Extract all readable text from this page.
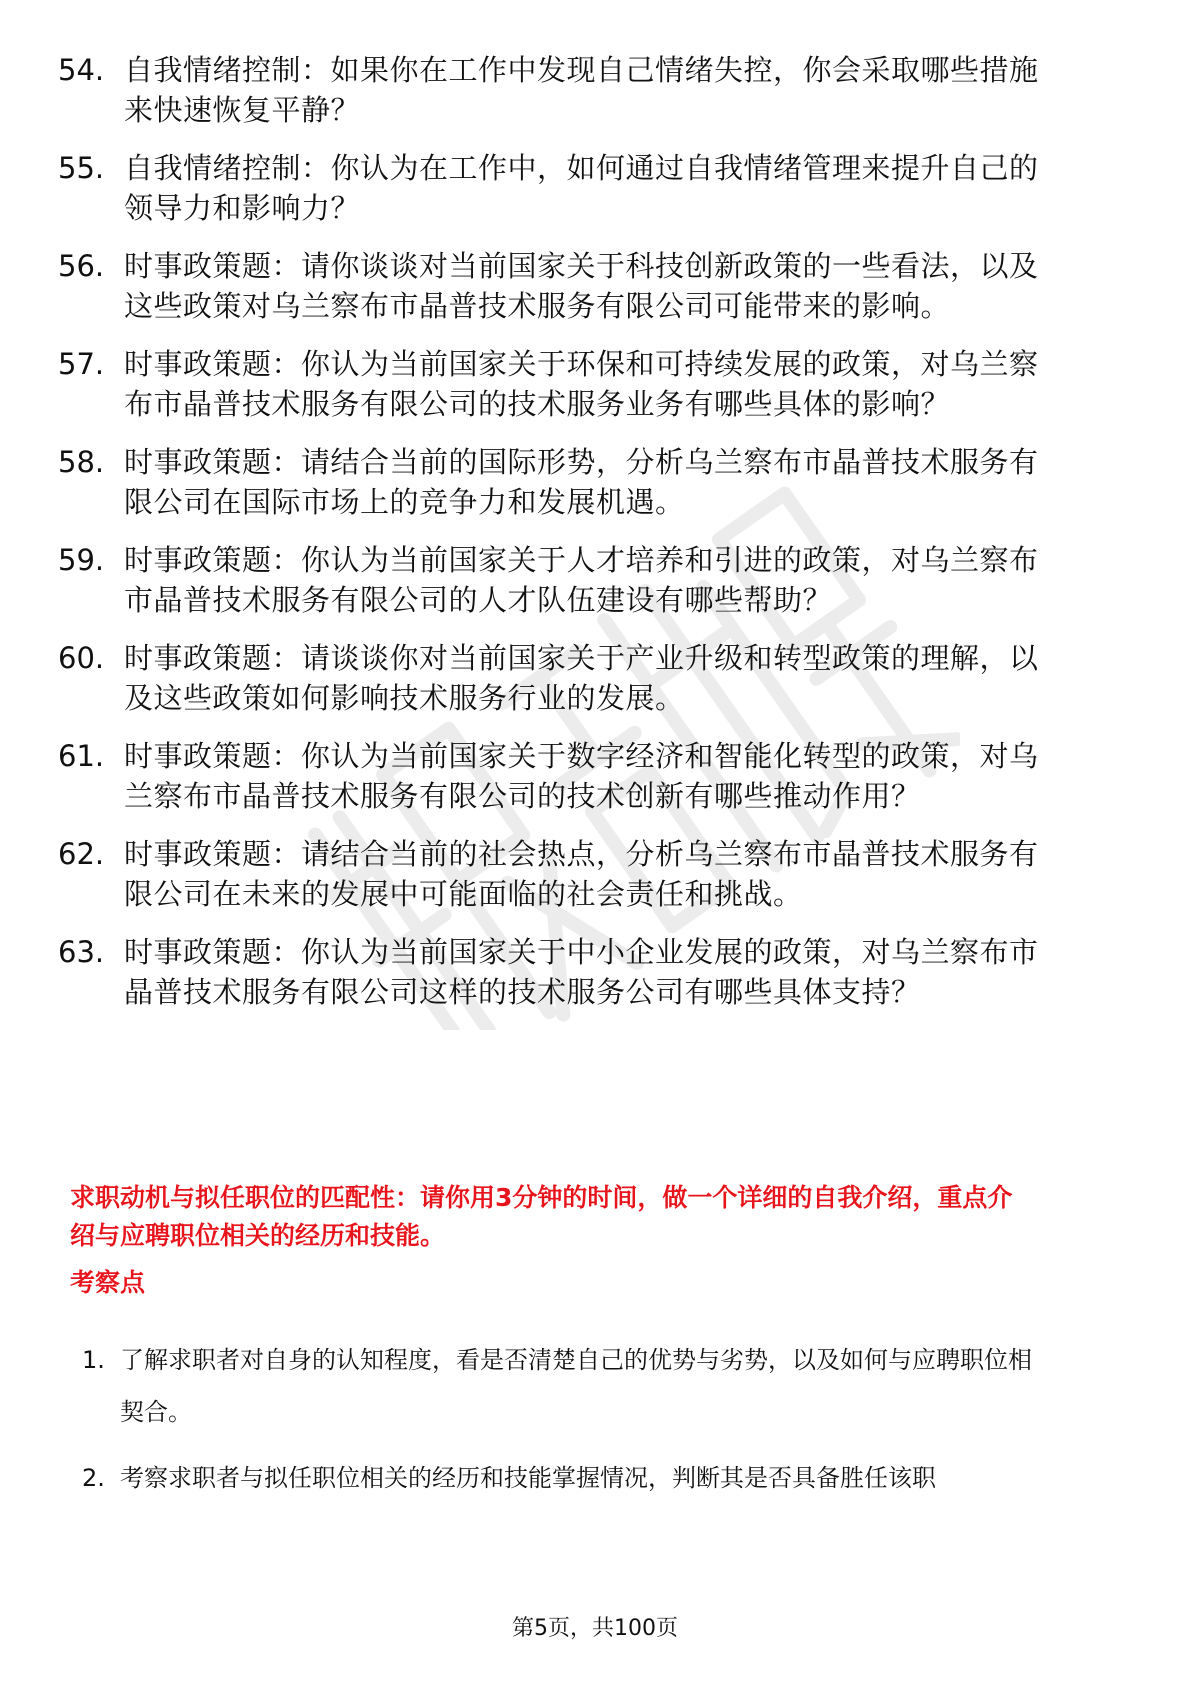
54. 自我情绪控制：如果你在工作中发现自己情绪失控，你会采取哪些措施来快速恢复平静？
55. 自我情绪控制：你认为在工作中，如何通过自我情绪管理来提升自己的领导力和影响力？
56. 时事政策题：请你谈谈对当前国家关于科技创新政策的一些看法，以及这些政策对乌兰察布市晶普技术服务有限公司可能带来的影响。
57. 时事政策题：你认为当前国家关于环保和可持续发展的政策，对乌兰察布市晶普技术服务有限公司的技术服务业务有哪些具体的影响？
58. 时事政策题：请结合当前的国际形势，分析乌兰察布市晶普技术服务有限公司在国际市场上的竞争力和发展机遇。
59. 时事政策题：你认为当前国家关于人才培养和引进的政策，对乌兰察布市晶普技术服务有限公司的人才队伍建设有哪些帮助？
60. 时事政策题：请谈谈你对当前国家关于产业升级和转型政策的理解，以及这些政策如何影响技术服务行业的发展。
61. 时事政策题：你认为当前国家关于数字经济和智能化转型的政策，对乌兰察布市晶普技术服务有限公司的技术创新有哪些推动作用？
62. 时事政策题：请结合当前的社会热点，分析乌兰察布市晶普技术服务有限公司在未来的发展中可能面临的社会责任和挑战。
63. 时事政策题：你认为当前国家关于中小企业发展的政策，对乌兰察布市晶普技术服务有限公司这样的技术服务公司有哪些具体支持？

求职动机与拟任职位的匹配性：请你用3分钟的时间，做一个详细的自我介绍，重点介绍与应聘职位相关的经历和技能。

考察点

1. 了解求职者对自身的认知程度，看是否清楚自己的优势与劣势，以及如何与应聘职位相契合。
2. 考察求职者与拟任职位相关的经历和技能掌握情况，判断其是否具备胜任该职
第5页，共100页
